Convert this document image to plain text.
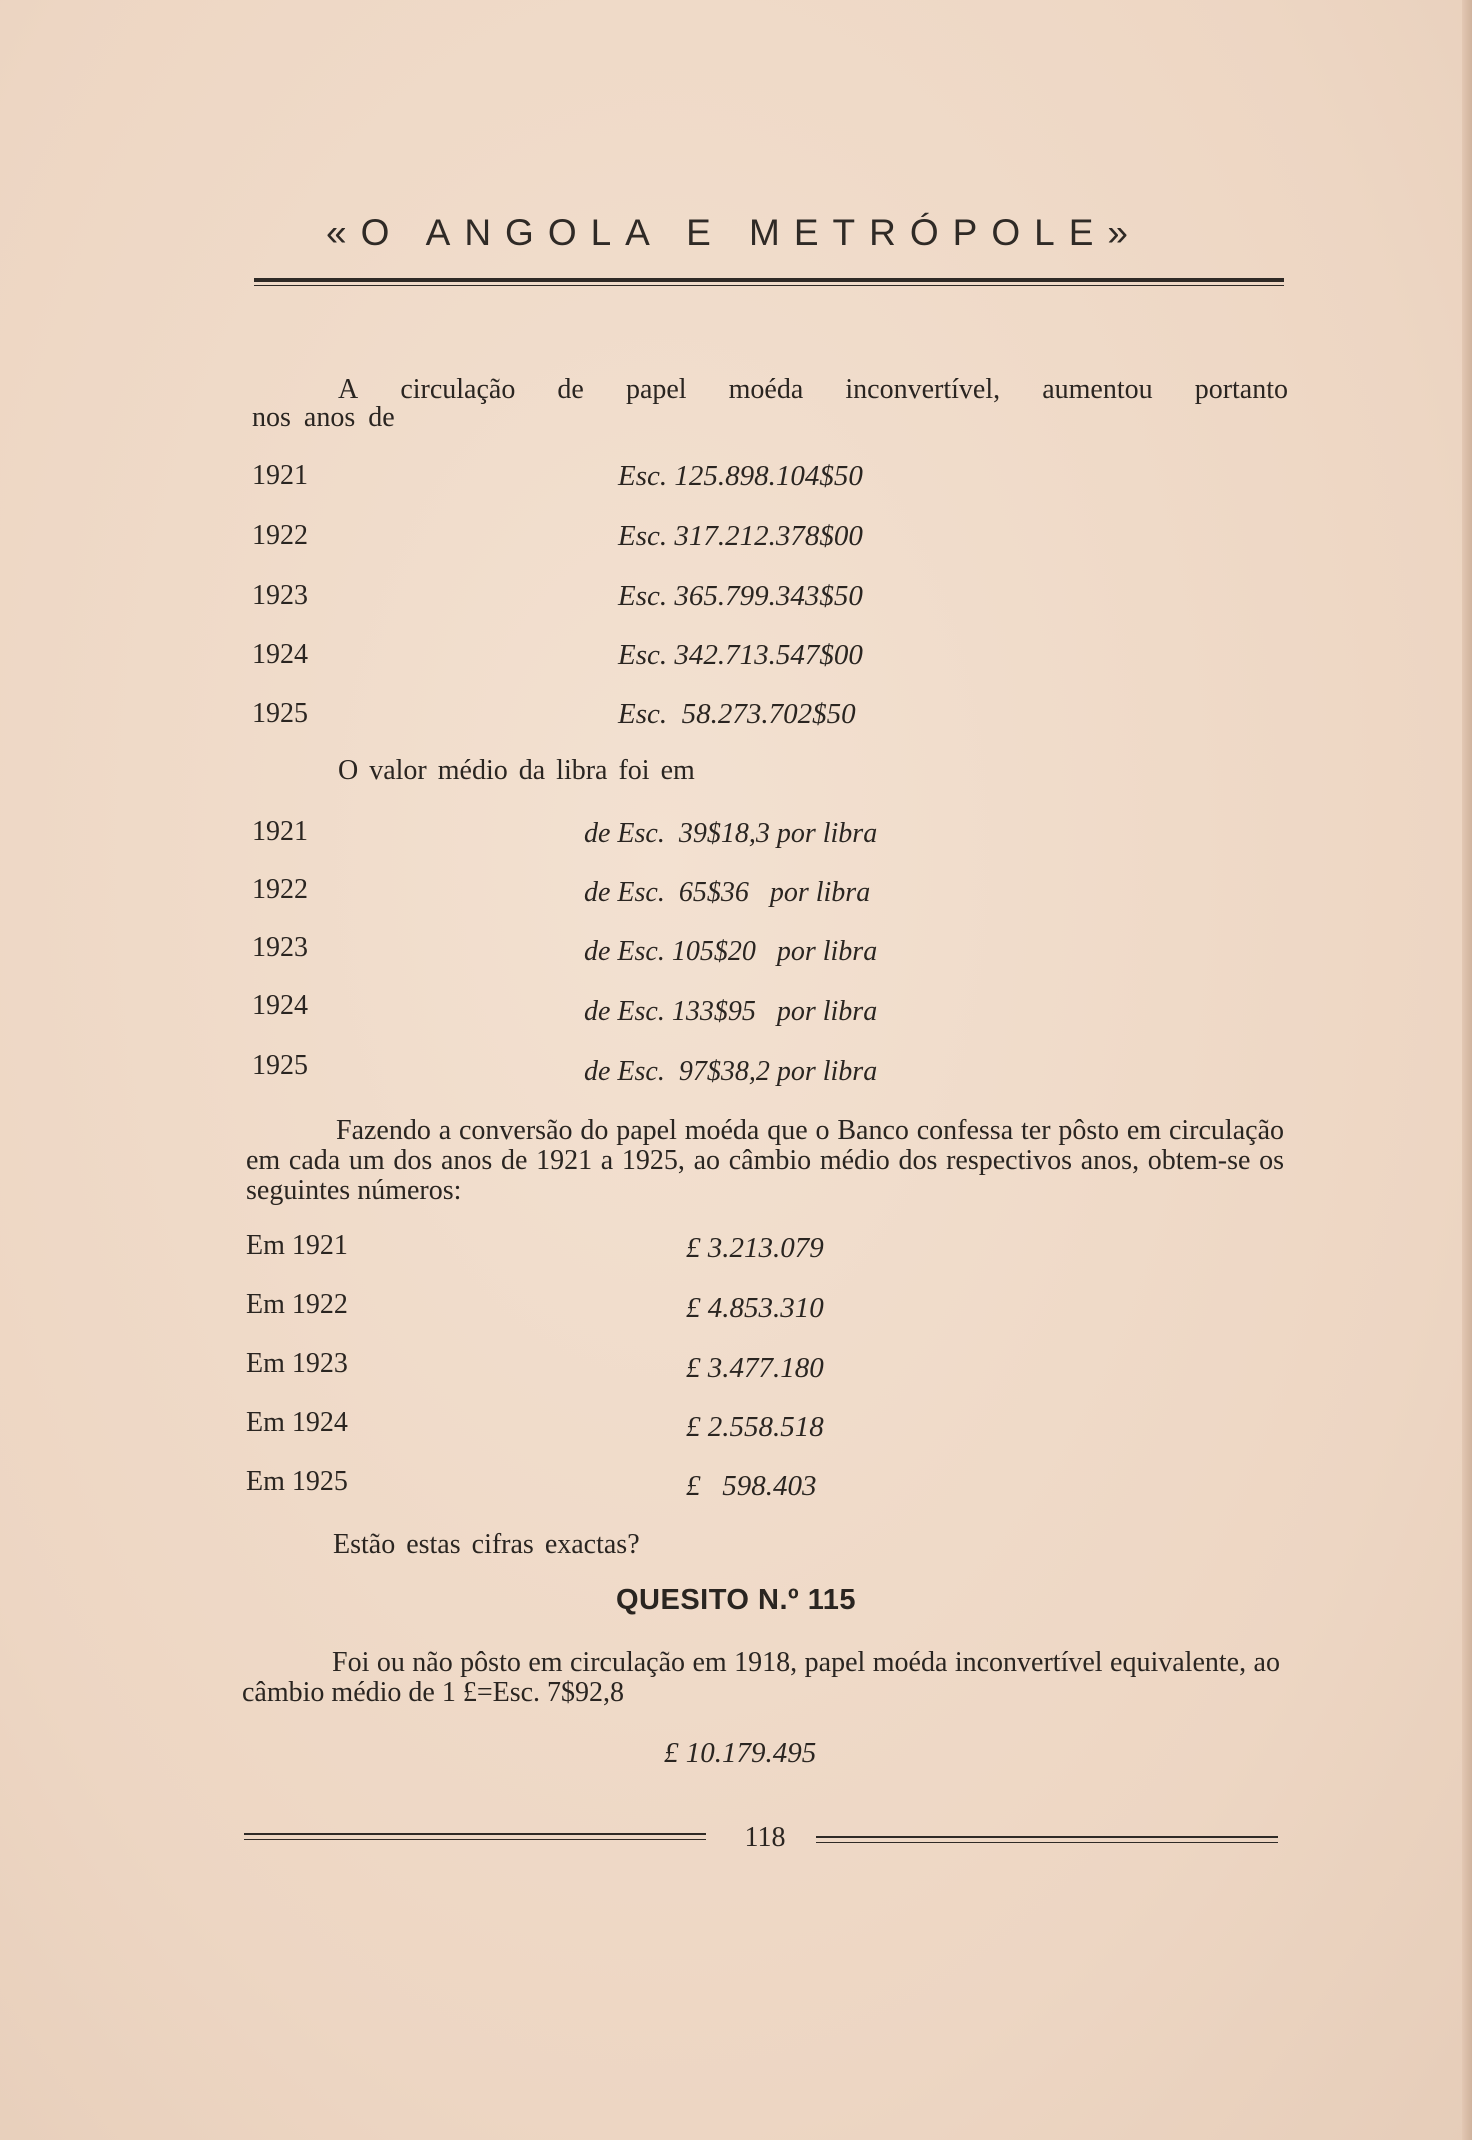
«O ANGOLA E METRÓPOLE»
A circulação de papel moéda inconvertível, aumentou portanto
nos anos de
1921	Esc. 125.898.104$50
1922	Esc. 317.212.378$00
1923	Esc. 365.799.343$50
1924	Esc. 342.713.547$00
1925	Esc.  58.273.702$50
O valor médio da libra foi em
1921	de Esc.  39$18,3 por libra
1922	de Esc.  65$36   por libra
1923	de Esc. 105$20   por libra
1924	de Esc. 133$95   por libra
1925	de Esc.  97$38,2 por libra
Fazendo a conversão do papel moéda que o Banco confessa ter pôsto em circulação em cada um dos anos de 1921 a 1925, ao câmbio médio dos respectivos anos, obtem-se os seguintes números:
Em 1921	£ 3.213.079
Em 1922	£ 4.853.310
Em 1923	£ 3.477.180
Em 1924	£ 2.558.518
Em 1925	£   598.403
Estão estas cifras exactas?
QUESITO N.º 115
Foi ou não pôsto em circulação em 1918, papel moéda inconvertível equivalente, ao câmbio médio de 1 £=Esc. 7$92,8
£ 10.179.495
118
